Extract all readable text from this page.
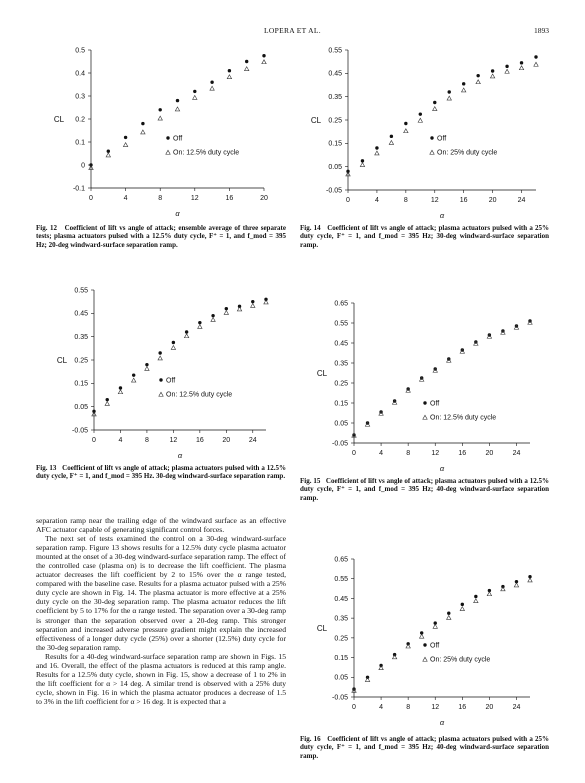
LOPERA ET AL.	1893
-0.1
0
0.1
0.2
0.3
0.4
0.5
0	4	8	12	16	20
CL
α
Off
On: 12.5% duty cycle
Fig. 12 Coefficient of lift vs angle of attack; ensemble average of three separate tests; plasma actuators pulsed with a 12.5% duty cycle, F⁺ = 1, and f_mod = 395 Hz; 20-deg windward-surface separation ramp.
-0.05
0.05
0.15
0.25
0.35
0.45
0.55
0	4	8	12	16	20	24
CL
α
Off
On: 25% duty cycle
Fig. 14 Coefficient of lift vs angle of attack; plasma actuators pulsed with a 25% duty cycle, F⁺ = 1, and f_mod = 395 Hz; 30-deg windward-surface separation ramp.
-0.05
0.05
0.15
0.25
0.35
0.45
0.55
0	4	8	12	16	20	24
CL
α
Off
On: 12.5% duty cycle
Fig. 13 Coefficient of lift vs angle of attack; plasma actuators pulsed with a 12.5% duty cycle, F⁺ = 1, and f_mod = 395 Hz. 30-deg windward-surface separation ramp.
-0.05
0.05
0.15
0.25
0.35
0.45
0.55
0.65
0	4	8	12	16	20	24
CL
α
Off
On: 12.5% duty cycle
Fig. 15 Coefficient of lift vs angle of attack; plasma actuators pulsed with a 12.5% duty cycle, F⁺ = 1, and f_mod = 395 Hz; 40-deg windward-surface separation ramp.
-0.05
0.05
0.15
0.25
0.35
0.45
0.55
0.65
0	4	8	12	16	20	24
CL
α
Off
On: 25% duty cycle
Fig. 16 Coefficient of lift vs angle of attack; plasma actuators pulsed with a 25% duty cycle, F⁺ = 1, and f_mod = 395 Hz; 40-deg windward-surface separation ramp.

separation ramp near the trailing edge of the windward surface as an effective AFC actuator capable of generating significant control forces.

The next set of tests examined the control on a 30-deg windward-surface separation ramp. Figure 13 shows results for a 12.5% duty cycle plasma actuator mounted at the onset of a 30-deg windward-surface separation ramp. The effect of the controlled case (plasma on) is to decrease the lift coefficient. The plasma actuator decreases the lift coefficient by 2 to 15% over the α range tested, compared with the baseline case. Results for a plasma actuator pulsed with a 25% duty cycle are shown in Fig. 14. The plasma actuator is more effective at a 25% duty cycle on the 30-deg separation ramp. The plasma actuator reduces the lift coefficient by 5 to 17% for the α range tested. The separation over a 30-deg ramp is stronger than the separation observed over a 20-deg ramp. This stronger separation and increased adverse pressure gradient might explain the increased effectiveness of a longer duty cycle (25%) over a shorter (12.5%) duty cycle for the 30-deg separation ramp.

Results for a 40-deg windward-surface separation ramp are shown in Figs. 15 and 16. Overall, the effect of the plasma actuators is reduced at this ramp angle. Results for a 12.5% duty cycle, shown in Fig. 15, show a decrease of 1 to 2% in the lift coefficient for α > 14 deg. A similar trend is observed with a 25% duty cycle, shown in Fig. 16 in which the plasma actuator produces a decrease of 1.5 to 3% in the lift coefficient for α > 16 deg. It is expected that a
